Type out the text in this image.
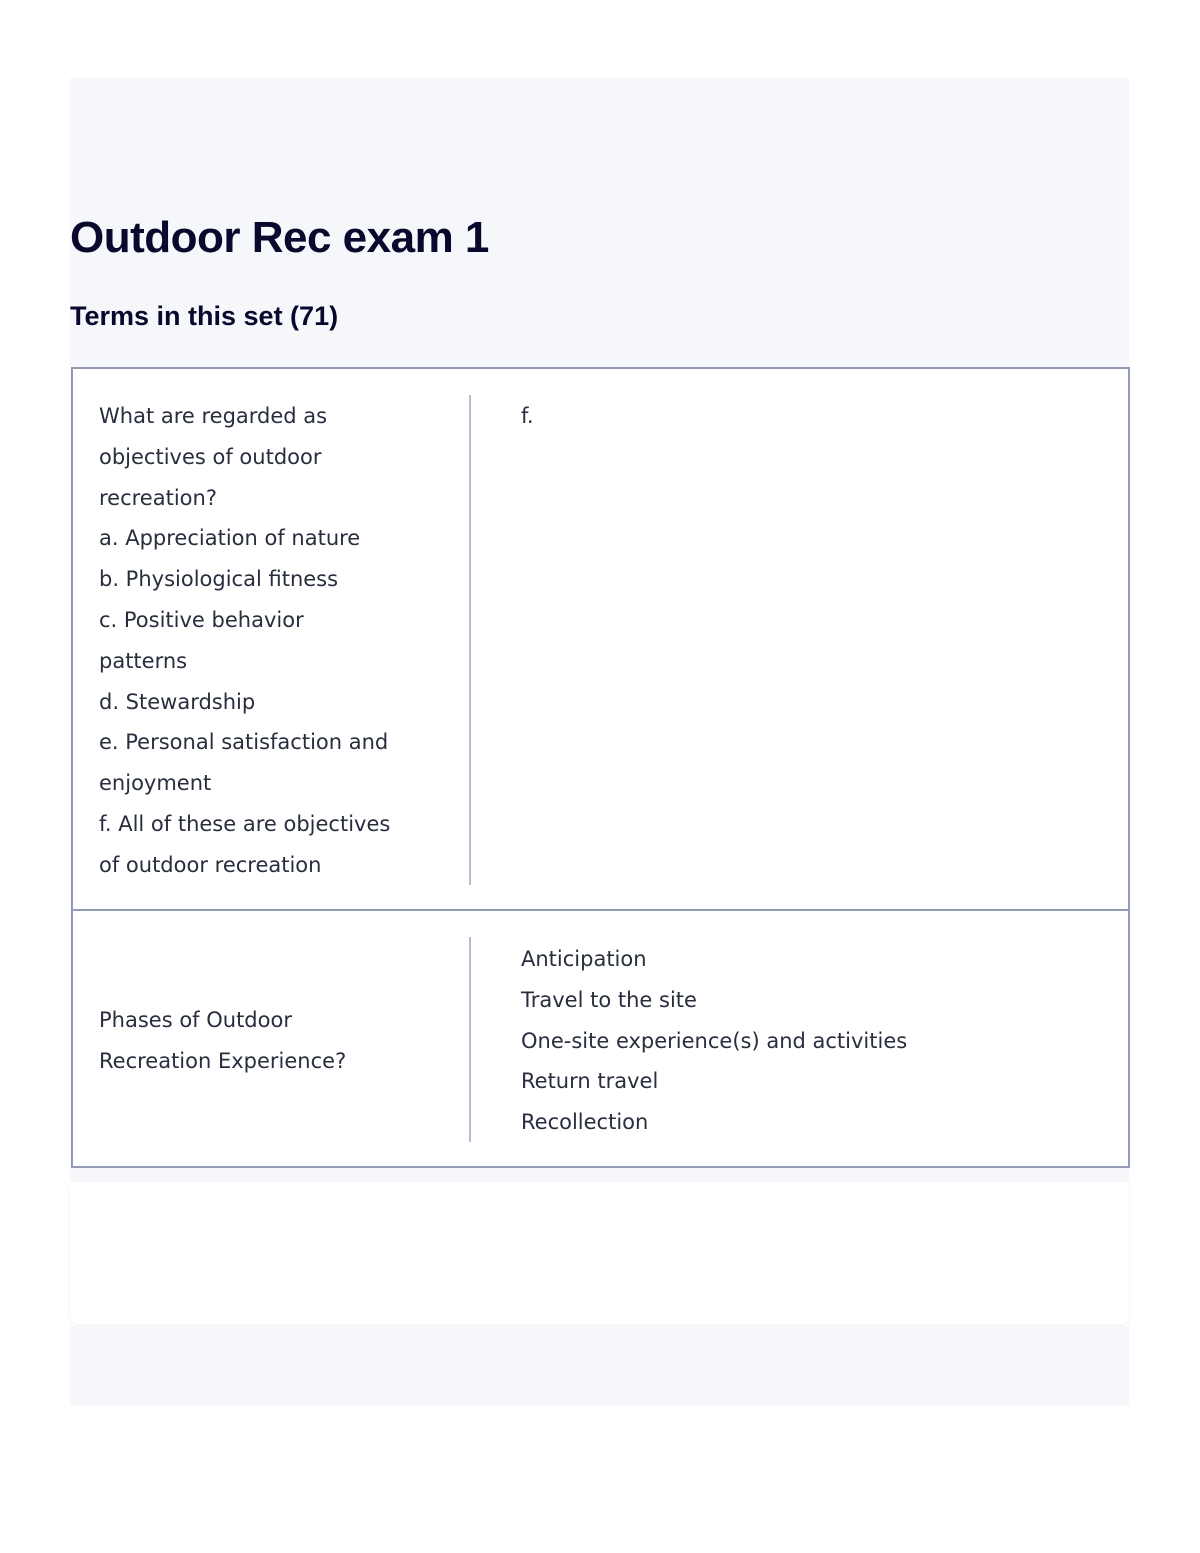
Outdoor Rec exam 1
Terms in this set (71)
What are regarded as
objectives of outdoor
recreation?
a. Appreciation of nature
b. Physiological fitness
c. Positive behavior
patterns
d. Stewardship
e. Personal satisfaction and
enjoyment
f. All of these are objectives
of outdoor recreation
f.
Phases of Outdoor
Recreation Experience?
Anticipation
Travel to the site
One-site experience(s) and activities
Return travel
Recollection
